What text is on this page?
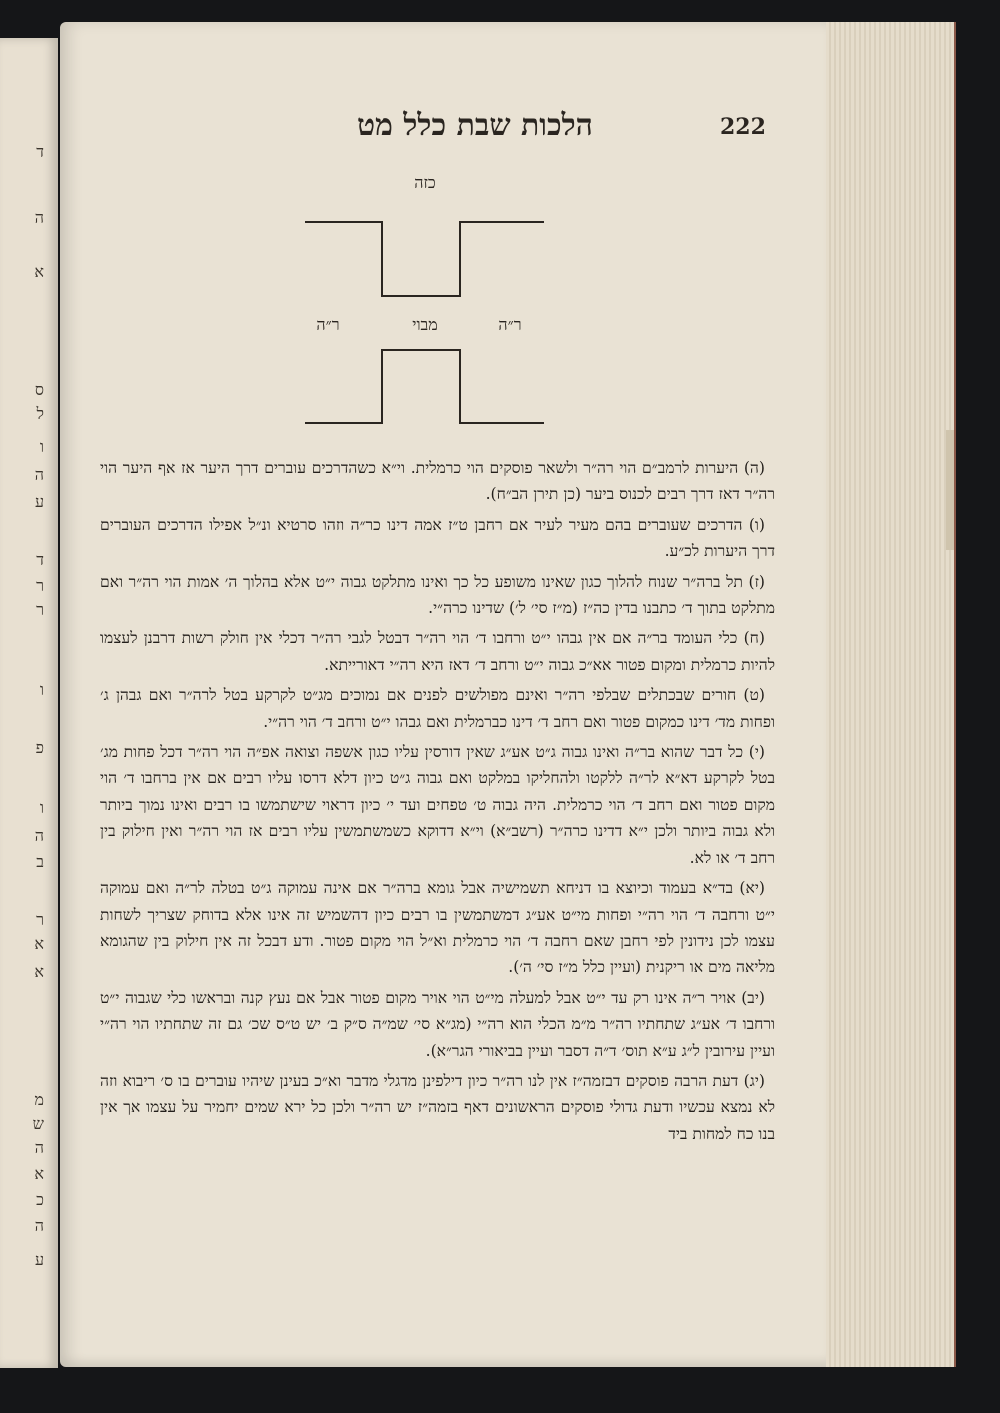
ד
ה
א
ס
ל
ו
ה
ע
ד
ר
ר
ו
פ
ו
ה
ב
ר
א
א
מ
ש
ה
א
כ
ה
ע
הלכות שבת כלל מט	222
כזה
ר״ה	מבוי	ר״ה

(ה) היערות לרמב״ם הוי רה״ר ולשאר פוסקים הוי כרמלית. וי״א כשהדרכים עוברים דרך היער אז אף היער הוי רה״ר דאז דרך רבים לכנוס ביער (כן תירן הב״ח).

(ו) הדרכים שעוברים בהם מעיר לעיר אם רחבן ט״ז אמה דינו כר״ה וזהו סרטיא ונ״ל אפילו הדרכים העוברים דרך היערות לכ״ע.

(ז) תל ברה״ר שנוח להלוך כגון שאינו משופע כל כך ואינו מתלקט גבוה י״ט אלא בהלוך ה׳ אמות הוי רה״ר ואם מתלקט בתוך ד׳ כתבנו בדין כה״ז (מ״ז סי׳ ל׳) שדינו כרה״י.

(ח) כלי העומד בר״ה אם אין גבהו י״ט ורחבו ד׳ הוי רה״ר דבטל לגבי רה״ר דכלי אין חולק רשות דרבנן לעצמו להיות כרמלית ומקום פטור אא״כ גבוה י״ט ורחב ד׳ דאז היא רה״י דאורייתא.

(ט) חורים שבכתלים שבלפי רה״ר ואינם מפולשים לפנים אם נמוכים מג״ט לקרקע בטל לרה״ר ואם גבהן ג׳ ופחות מד׳ דינו כמקום פטור ואם רחב ד׳ דינו כברמלית ואם גבהו י״ט ורחב ד׳ הוי רה״י.

(י) כל דבר שהוא בר״ה ואינו גבוה ג״ט אע״ג שאין דורסין עליו כגון אשפה וצואה אפ״ה הוי רה״ר דכל פחות מג׳ בטל לקרקע דא״א לר״ה ללקטו ולהחליקו במלקט ואם גבוה ג״ט כיון דלא דרסו עליו רבים אם אין ברחבו ד׳ הוי מקום פטור ואם רחב ד׳ הוי כרמלית. היה גבוה ט׳ טפחים ועד י׳ כיון דראוי שישתמשו בו רבים ואינו נמוך ביותר ולא גבוה ביותר ולכן י״א דדינו כרה״ר (רשב״א) וי״א דדוקא כשמשתמשין עליו רבים אז הוי רה״ר ואין חילוק בין רחב ד׳ או לא.

(יא) בד״א בעמוד וכיוצא בו דניחא תשמישיה אבל גומא ברה״ר אם אינה עמוקה ג״ט בטלה לר״ה ואם עמוקה י״ט ורחבה ד׳ הוי רה״י ופחות מי״ט אע״ג דמשתמשין בו רבים כיון דהשמיש זה אינו אלא בדוחק שצריך לשחות עצמו לכן נידונין לפי רחבן שאם רחבה ד׳ הוי כרמלית וא״ל הוי מקום פטור. ודע דבכל זה אין חילוק בין שהגומא מליאה מים או ריקנית (ועיין כלל מ״ז סי׳ ה׳).

(יב) אויר ר״ה אינו רק עד י״ט אבל למעלה מי״ט הוי אויר מקום פטור אבל אם נעץ קנה ובראשו כלי שגבוה י״ט ורחבו ד׳ אע״ג שתחתיו רה״ר מ״מ הכלי הוא רה״י (מג״א סי׳ שמ״ה ס״ק ב׳ יש ט״ס שכ׳ גם זה שתחתיו הוי רה״י ועיין עירובין ל״ג ע״א תוס׳ ד״ה דסבר ועיין בביאורי הגר״א).

(יג) דעת הרבה פוסקים דבזמה״ז אין לנו רה״ר כיון דילפינן מדגלי מדבר וא״כ בעינן שיהיו עוברים בו ס׳ ריבוא וזה לא נמצא עכשיו ודעת גדולי פוסקים הראשונים דאף בזמה״ז יש רה״ר ולכן כל ירא שמים יחמיר על עצמו אך אין בנו כח למחות ביד
